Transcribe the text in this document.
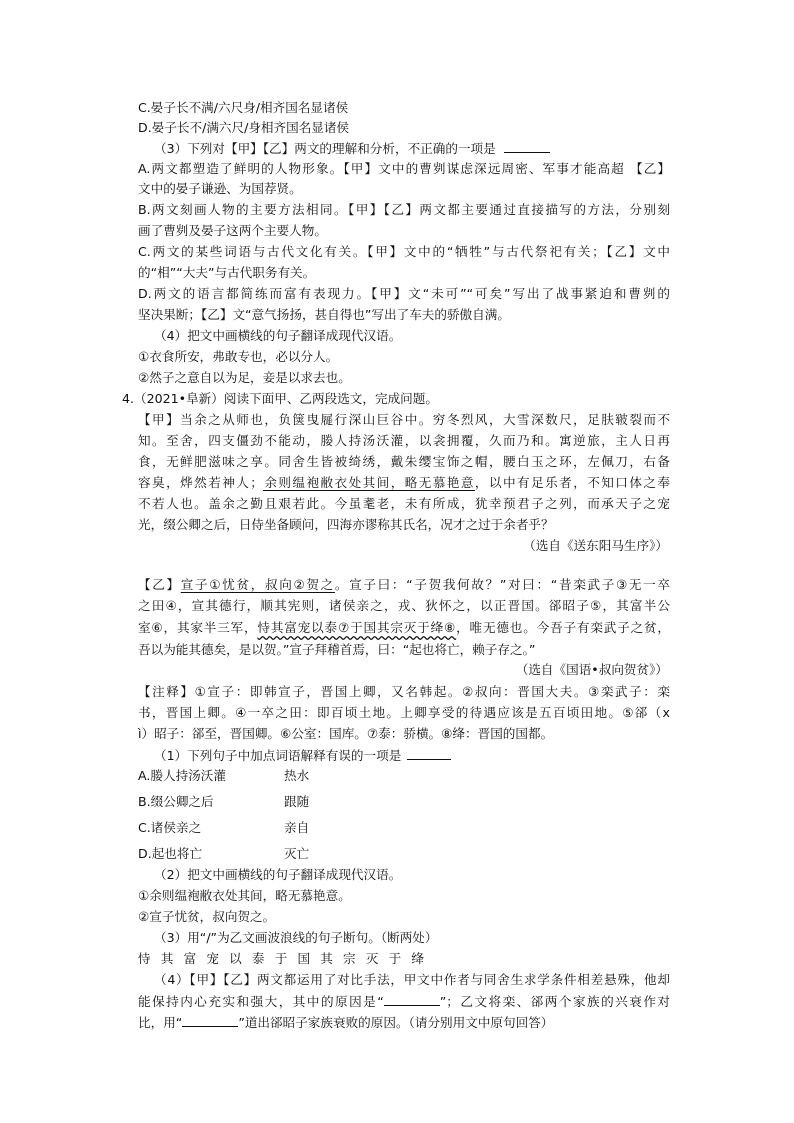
C.晏子长不满/六尺身/相齐国名显诸侯
D.晏子长不/满六尺/身相齐国名显诸侯
（3）下列对【甲】【乙】两文的理解和分析，不正确的一项是
A.两文都塑造了鲜明的人物形象。【甲】文中的曹刿谋虑深远周密、军事才能高超 【乙】
文中的晏子谦逊、为国荐贤。
B.两文刻画人物的主要方法相同。【甲】【乙】两文都主要通过直接描写的方法，分别刻
画了曹刿及晏子这两个主要人物。
C.两文的某些词语与古代文化有关。【甲】文中的“牺牲”与古代祭祀有关；【乙】文中
的“相”“大夫”与古代职务有关。
D.两文的语言都简练而富有表现力。【甲】文“未可”“可矣”写出了战事紧迫和曹刿的
坚决果断；【乙】文“意气扬扬，甚自得也”写出了车夫的骄傲自满。
（4）把文中画横线的句子翻译成现代汉语。
①衣食所安，弗敢专也，必以分人。
②然子之意自以为足，妾是以求去也。
4.（2021•阜新）阅读下面甲、乙两段选文，完成问题。
【甲】当余之从师也，负箧曳屣行深山巨谷中。穷冬烈风，大雪深数尺，足肤皲裂而不
知。至舍，四支僵劲不能动，媵人持汤沃灌，以衾拥覆，久而乃和。寓逆旅，主人日再
食，无鲜肥滋味之享。同舍生皆被绮绣，戴朱缨宝饰之帽，腰白玉之环，左佩刀，右备
容臭，烨然若神人；余则缊袍敝衣处其间，略无慕艳意，以中有足乐者，不知口体之奉
不若人也。盖余之勤且艰若此。今虽耄老，未有所成，犹幸预君子之列，而承天子之宠
光，缀公卿之后，日侍坐备顾问，四海亦谬称其氏名，况才之过于余者乎？
（选自《送东阳马生序》）
【乙】宣子①忧贫，叔向②贺之。宣子曰：“子贺我何故？”对曰：“昔栾武子③无一卒
之田④，宣其德行，顺其宪则，诸侯亲之，戎、狄怀之，以正晋国。郤昭子⑤，其富半公
室⑥，其家半三军，恃其富宠以泰⑦于国其宗灭于绛⑧，唯无德也。今吾子有栾武子之贫，
吾以为能其德矣，是以贺。”宣子拜稽首焉，曰：“起也将亡，赖子存之。”
（选自《国语•叔向贺贫》）
【注释】①宣子：即韩宣子，晋国上卿，又名韩起。②叔向：晋国大夫。③栾武子：栾
书，晋国上卿。④一卒之田：即百顷土地。上卿享受的待遇应该是五百顷田地。⑤郤（x
ì）昭子：郤至，晋国卿。⑥公室：国库。⑦泰：骄横。⑧绛：晋国的国都。
（1）下列句子中加点词语解释有误的一项是
A.媵人持汤沃灌	热水
B.缀公卿之后	跟随
C.诸侯亲之	亲自
D.起也将亡	灭亡
（2）把文中画横线的句子翻译成现代汉语。
①余则缊袍敝衣处其间，略无慕艳意。
②宣子忧贫，叔向贺之。
（3）用“/”为乙文画波浪线的句子断句。（断两处）
恃 其 富 宠 以 泰 于 国 其 宗 灭 于 绛
（4）【甲】【乙】两文都运用了对比手法，甲文中作者与同舍生求学条件相差悬殊，他却
能保持内心充实和强大，其中的原因是“	”；乙文将栾、郤两个家族的兴衰作对
比，用“	”道出郤昭子家族衰败的原因。（请分别用文中原句回答）
